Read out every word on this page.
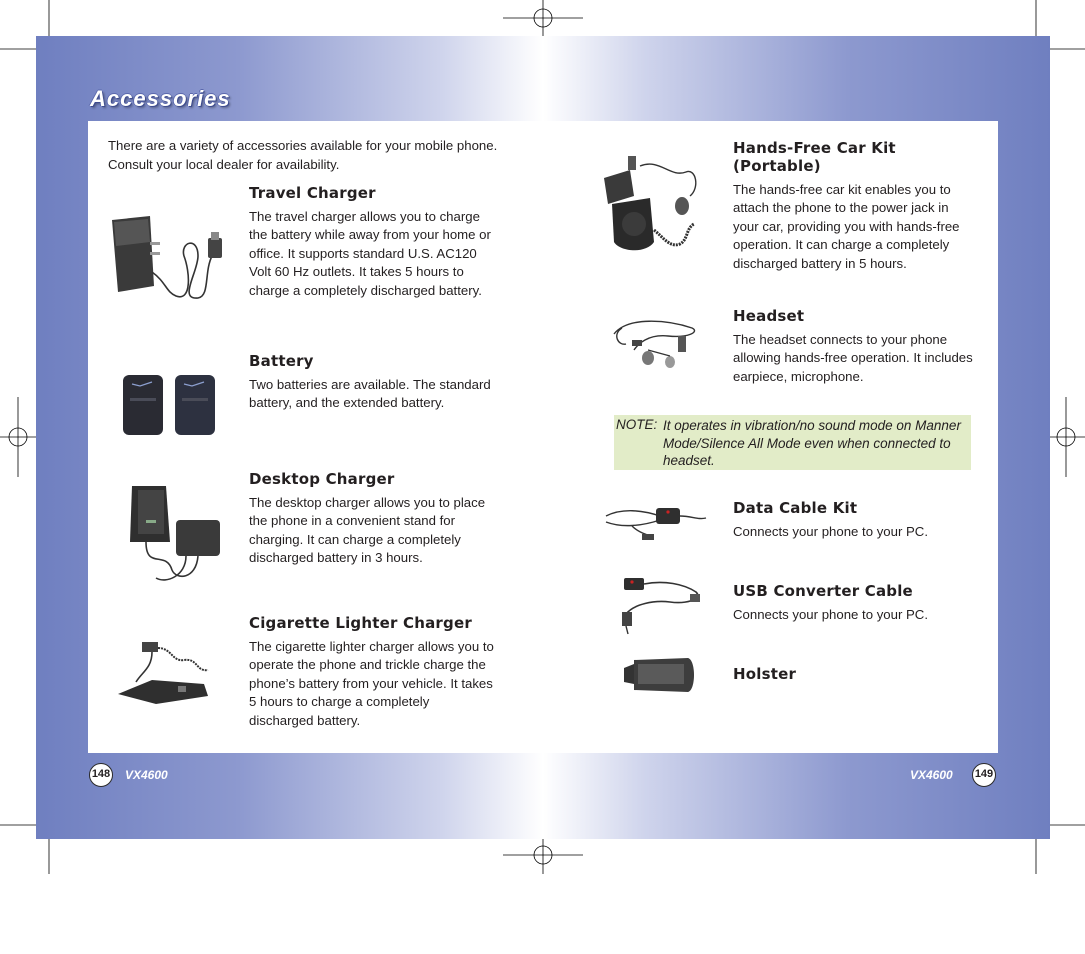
Accessories

There are a variety of accessories available for your mobile phone. Consult your local dealer for availability.

Travel Charger

The travel charger allows you to charge the battery while away from your home or office. It supports standard U.S. AC120 Volt 60 Hz outlets. It takes 5 hours to charge a completely discharged battery.

Battery

Two batteries are available. The standard battery, and the extended battery.

Desktop Charger

The desktop charger allows you to place the phone in a convenient stand for charging. It can charge a completely discharged battery in 3 hours.

Cigarette Lighter Charger

The cigarette lighter charger allows you to operate the phone and trickle charge the phone’s battery from your vehicle. It takes 5 hours to charge a completely discharged battery.

Hands-Free Car Kit (Portable)

The hands-free car kit enables you to attach the phone to the power jack in your car, providing you with hands-free operation. It can charge a completely discharged battery in 5 hours.

Headset

The headset connects to your phone allowing hands-free operation. It includes earpiece, microphone.

NOTE: It operates in vibration/no sound mode on Manner Mode/Silence All Mode even when connected to headset.
Data Cable Kit

Connects your phone to your PC.

USB Converter Cable

Connects your phone to your PC.

Holster
148 VX4600	VX4600 149
